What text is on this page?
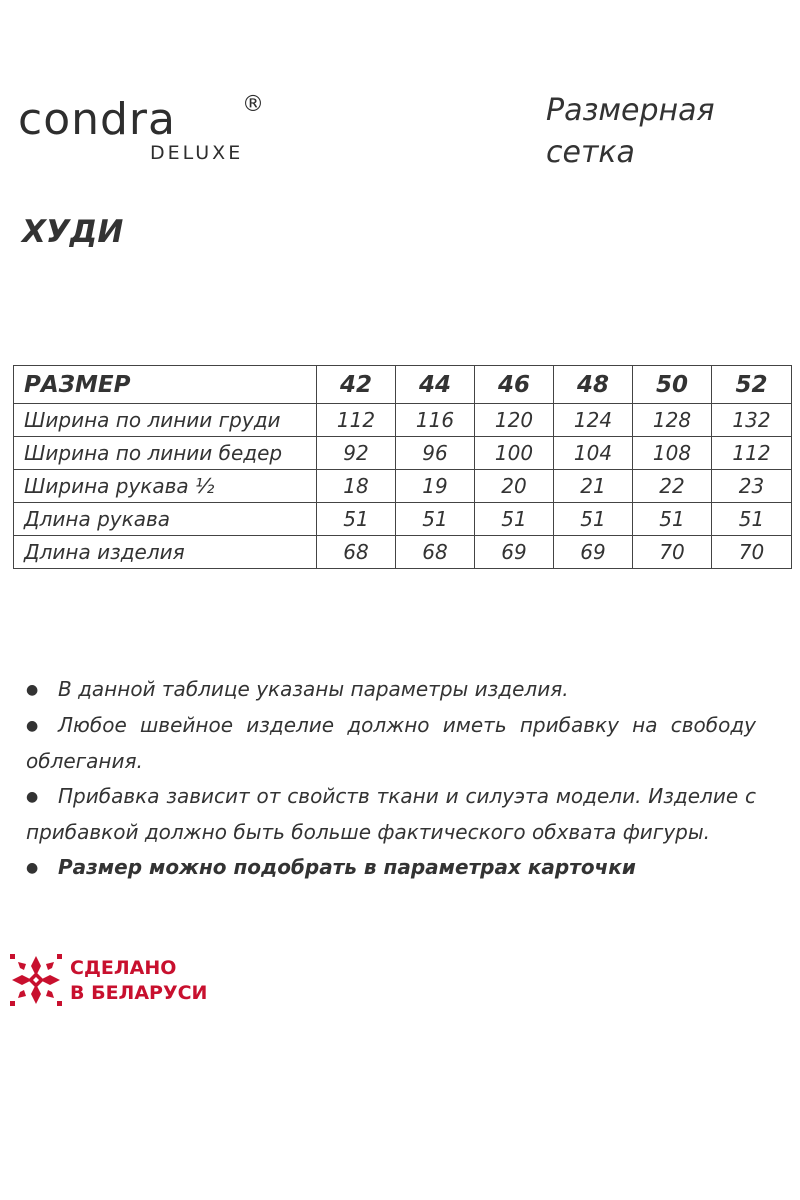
condra	®
DELUXE
Размерная сетка
ХУДИ
РАЗМЕР	42	44	46	48	50	52
Ширина по линии груди	112	116	120	124	128	132
Ширина по линии бедер	92	96	100	104	108	112
Ширина рукава ½	18	19	20	21	22	23
Длина рукава	51	51	51	51	51	51
Длина изделия	68	68	69	69	70	70

● В данной таблице указаны параметры изделия.

● Любое швейное изделие должно иметь прибавку на свободу облегания.

● Прибавка зависит от свойств ткани и силуэта модели. Изделие с прибавкой должно быть больше фактического обхвата фигуры.

● Размер можно подобрать в параметрах карточки

СДЕЛАНО
В БЕЛАРУСИ
